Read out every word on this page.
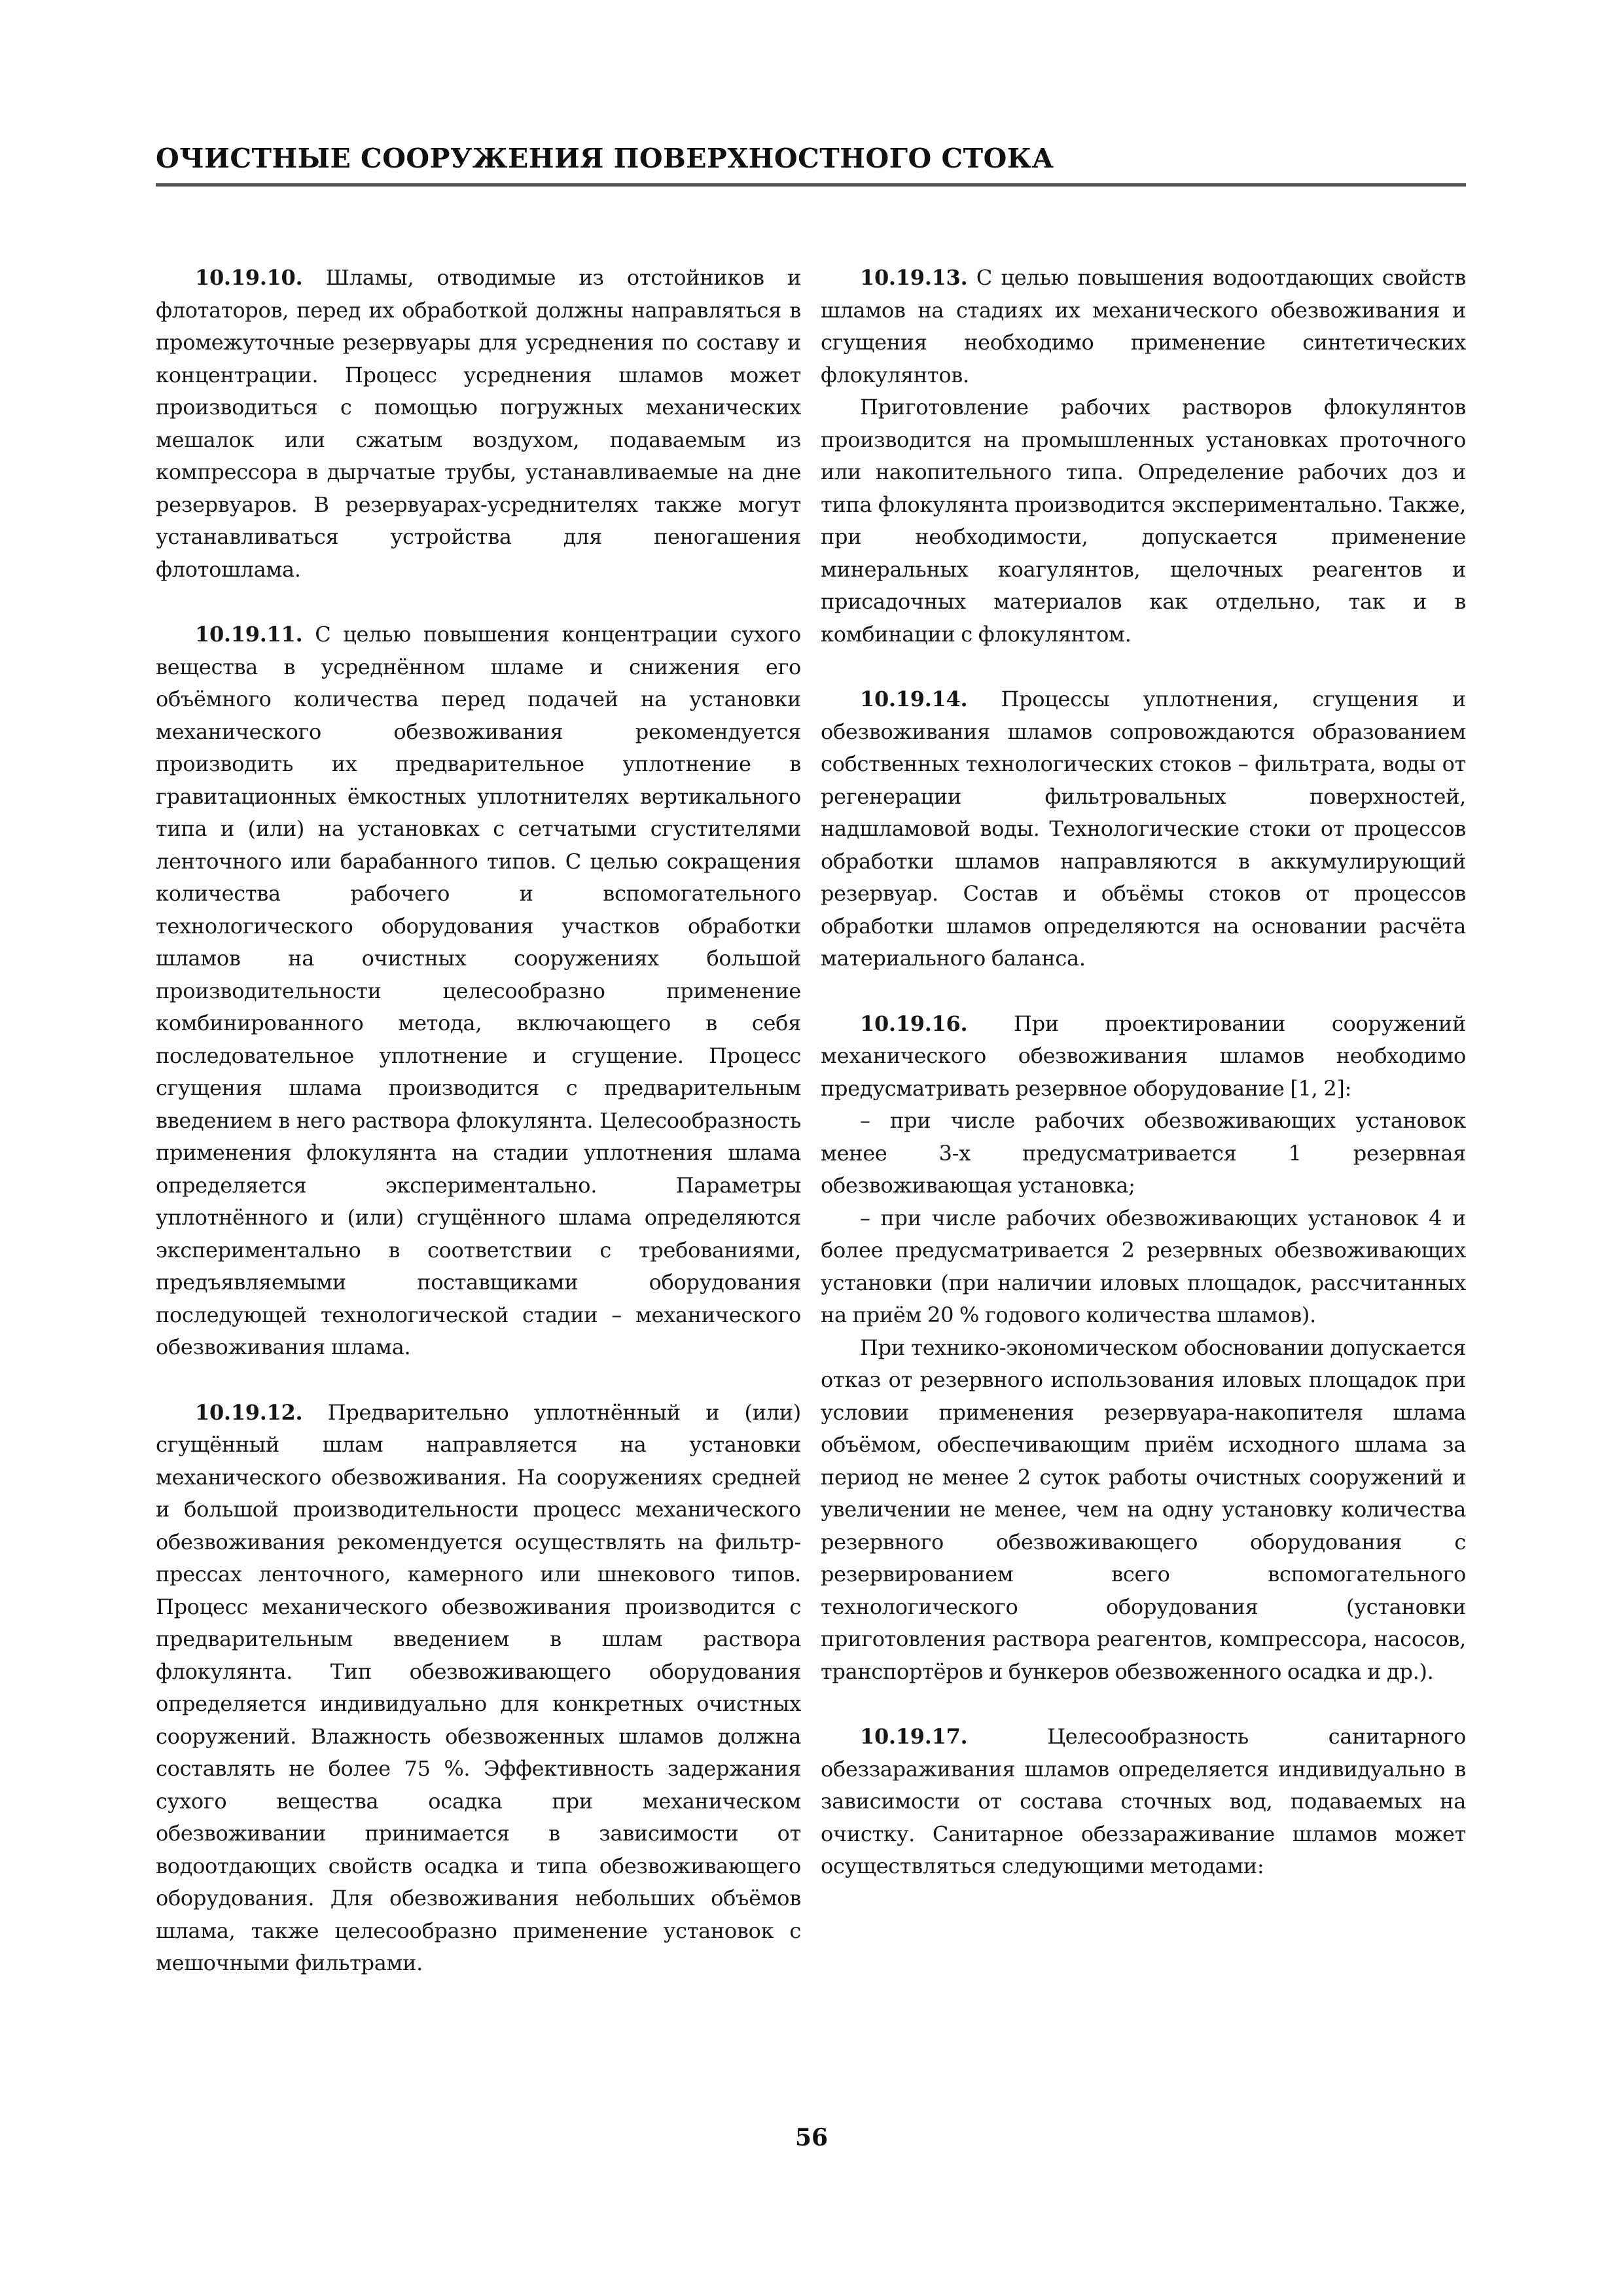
ОЧИСТНЫЕ СООРУЖЕНИЯ ПОВЕРХНОСТНОГО СТОКА

10.19.10. Шламы, отводимые из отстойников и флотаторов, перед их обработкой должны направляться в промежуточные резервуары для усреднения по составу и концентрации. Процесс усреднения шламов может производиться с помощью погружных механических мешалок или сжатым воздухом, подаваемым из компрессора в дырчатые трубы, устанавливаемые на дне резервуаров. В резервуарах-усреднителях также могут устанавливаться устройства для пеногашения флотошлама.

10.19.11. С целью повышения концентрации сухого вещества в усреднённом шламе и снижения его объёмного количества перед подачей на установки механического обезвоживания рекомендуется производить их предварительное уплотнение в гравитационных ёмкостных уплотнителях вертикального типа и (или) на установках с сетчатыми сгустителями ленточного или барабанного типов. С целью сокращения количества рабочего и вспомогательного технологического оборудования участков обработки шламов на очистных сооружениях большой производительности целесообразно применение комбинированного метода, включающего в себя последовательное уплотнение и сгущение. Процесс сгущения шлама производится с предварительным введением в него раствора флокулянта. Целесообразность применения флокулянта на стадии уплотнения шлама определяется экспериментально. Параметры уплотнённого и (или) сгущённого шлама определяются экспериментально в соответствии с требованиями, предъявляемыми поставщиками оборудования последующей технологической стадии – механического обезвоживания шлама.

10.19.12. Предварительно уплотнённый и (или) сгущённый шлам направляется на установки механического обезвоживания. На сооружениях средней и большой производительности процесс механического обезвоживания рекомендуется осуществлять на фильтр-прессах ленточного, камерного или шнекового типов. Процесс механического обезвоживания производится с предварительным введением в шлам раствора флокулянта. Тип обезвоживающего оборудования определяется индивидуально для конкретных очистных сооружений. Влажность обезвоженных шламов должна составлять не более 75 %. Эффективность задержания сухого вещества осадка при механическом обезвоживании принимается в зависимости от водоотдающих свойств осадка и типа обезвоживающего оборудования. Для обезвоживания небольших объёмов шлама, также целесообразно применение установок с мешочными фильтрами.

10.19.13. С целью повышения водоотдающих свойств шламов на стадиях их механического обезвоживания и сгущения необходимо применение синтетических флокулянтов.

Приготовление рабочих растворов флокулянтов производится на промышленных установках проточного или накопительного типа. Определение рабочих доз и типа флокулянта производится экспериментально. Также, при необходимости, допускается применение минеральных коагулянтов, щелочных реагентов и присадочных материалов как отдельно, так и в комбинации с флокулянтом.

10.19.14. Процессы уплотнения, сгущения и обезвоживания шламов сопровождаются образованием собственных технологических стоков – фильтрата, воды от регенерации фильтровальных поверхностей, надшламовой воды. Технологические стоки от процессов обработки шламов направляются в аккумулирующий резервуар. Состав и объёмы стоков от процессов обработки шламов определяются на основании расчёта материального баланса.

10.19.16. При проектировании сооружений механического обезвоживания шламов необходимо предусматривать резервное оборудование [1, 2]:

– при числе рабочих обезвоживающих установок менее 3-х предусматривается 1 резервная обезвоживающая установка;

– при числе рабочих обезвоживающих установок 4 и более предусматривается 2 резервных обезвоживающих установки (при наличии иловых площадок, рассчитанных на приём 20 % годового количества шламов).

При технико-экономическом обосновании допускается отказ от резервного использования иловых площадок при условии применения резервуара-накопителя шлама объёмом, обеспечивающим приём исходного шлама за период не менее 2 суток работы очистных сооружений и увеличении не менее, чем на одну установку количества резервного обезвоживающего оборудования с резервированием всего вспомогательного технологического оборудования (установки приготовления раствора реагентов, компрессора, насосов, транспортёров и бункеров обезвоженного осадка и др.).

10.19.17.	Целесообразность санитарного обеззараживания шламов определяется индивидуально в зависимости от состава сточных вод, подаваемых на очистку. Санитарное обеззараживание шламов может осуществляться следующими методами:

56
